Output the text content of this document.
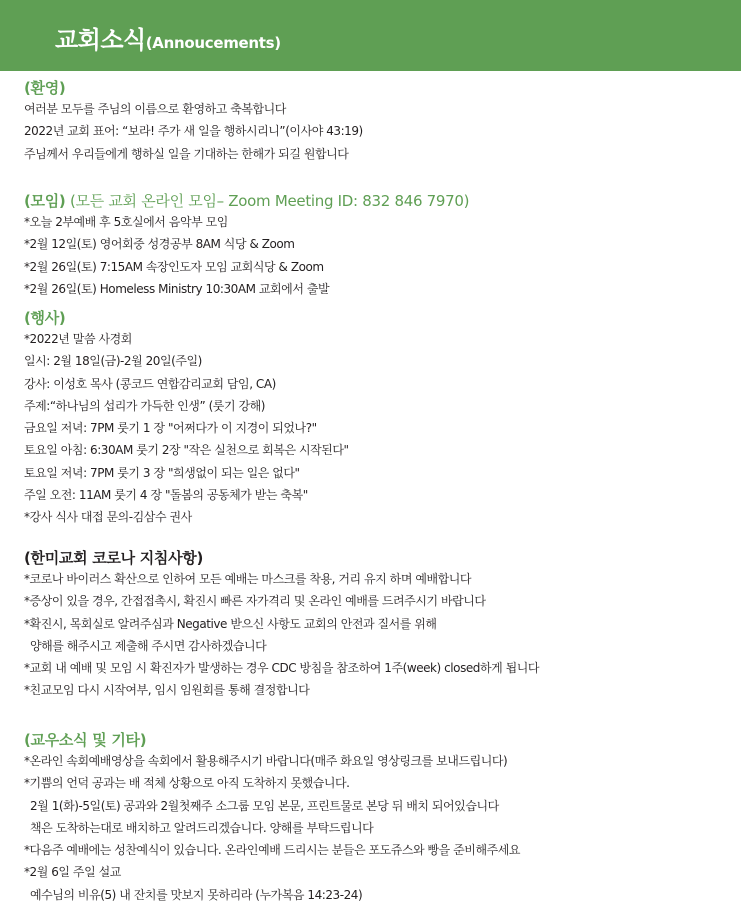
교회소식(Annoucements)
(환영)
여러분 모두를 주님의 이름으로 환영하고 축복합니다
2022년 교회 표어: “보라! 주가 새 일을 행하시리니”(이사야 43:19)
주님께서 우리들에게 행하실 일을 기대하는 한해가 되길 원합니다
(모임) (모든 교회 온라인 모임– Zoom Meeting ID: 832 846 7970)
*오늘 2부예배 후 5호실에서 음악부 모임
*2월 12일(토) 영어회중 성경공부 8AM 식당 & Zoom
*2월 26일(토) 7:15AM 속장인도자 모임 교회식당 & Zoom
*2월 26일(토) Homeless Ministry 10:30AM 교회에서 출발
(행사)
*2022년 말씀 사경회
일시: 2월 18일(금)-2월 20일(주일)
강사: 이성호 목사 (콩코드 연합감리교회 담임, CA)
주제:“하나님의 섭리가 가득한 인생” (룻기 강해)
금요일 저녁: 7PM 룻기 1 장 "어쩌다가 이 지경이 되었나?"
토요일 아침: 6:30AM 룻기 2장 "작은 실천으로 회복은 시작된다"
토요일 저녁: 7PM 룻기 3 장 "희생없이 되는 일은 없다"
주일 오전: 11AM 룻기 4 장 "돌봄의 공동체가 받는 축복"
*강사 식사 대접 문의-김삼수 권사
(한미교회 코로나 지침사항)
*코로나 바이러스 확산으로 인하여 모든 예배는 마스크를 착용, 거리 유지 하며 예배합니다
*증상이 있을 경우, 간접접촉시, 확진시 빠른 자가격리 및 온라인 예배를 드려주시기 바랍니다
*확진시, 목회실로 알려주심과 Negative 받으신 사항도 교회의 안전과 질서를 위해
양해를 해주시고 제출해 주시면 감사하겠습니다
*교회 내 예배 및 모임 시 확진자가 발생하는 경우 CDC 방침을 참조하여 1주(week) closed하게 됩니다
*친교모임 다시 시작여부, 임시 임원회를 통해 결정합니다
(교우소식 및 기타)
*온라인 속회예배영상을 속회에서 활용해주시기 바랍니다(매주 화요일 영상링크를 보내드립니다)
*기쁨의 언덕 공과는 배 적체 상황으로 아직 도착하지 못했습니다.
2월 1(화)-5일(토) 공과와 2월첫째주 소그룹 모임 본문, 프린트물로 본당 뒤 배치 되어있습니다
책은 도착하는대로 배치하고 알려드리겠습니다. 양해를 부탁드립니다
*다음주 예배에는 성찬예식이 있습니다. 온라인예배 드리시는 분들은 포도쥬스와 빵을 준비해주세요
*2월 6일 주일 설교
예수님의 비유(5) 내 잔치를 맛보지 못하리라 (누가복음 14:23-24)
